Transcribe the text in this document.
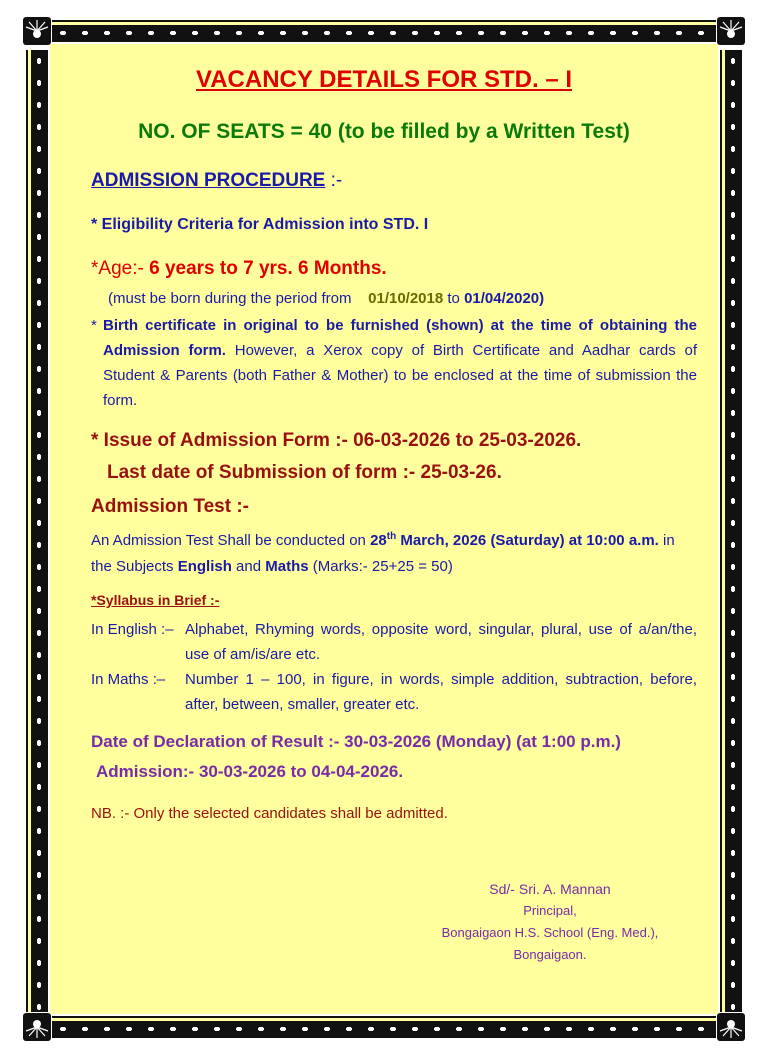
VACANCY DETAILS FOR STD. – I
NO. OF SEATS = 40 (to be filled by a Written Test)
ADMISSION PROCEDURE :-
* Eligibility Criteria for Admission into STD. I
*Age:- 6 years to 7 yrs. 6 Months.
(must be born during the period from 01/10/2018 to 01/04/2020)
* Birth certificate in original to be furnished (shown) at the time of obtaining the Admission form. However, a Xerox copy of Birth Certificate and Aadhar cards of Student & Parents (both Father & Mother) to be enclosed at the time of submission the form.
* Issue of Admission Form :- 06-03-2026 to 25-03-2026.
Last date of Submission of form :- 25-03-26.
Admission Test :-
An Admission Test Shall be conducted on 28th March, 2026 (Saturday) at 10:00 a.m. in the Subjects English and Maths (Marks:- 25+25 = 50)
*Syllabus in Brief :-
In English :– Alphabet, Rhyming words, opposite word, singular, plural, use of a/an/the, use of am/is/are etc.
In Maths :– Number 1 – 100, in figure, in words, simple addition, subtraction, before, after, between, smaller, greater etc.
Date of Declaration of Result :- 30-03-2026 (Monday) (at 1:00 p.m.)
Admission:- 30-03-2026 to 04-04-2026.
NB. :- Only the selected candidates shall be admitted.
Sd/- Sri. A. Mannan
Principal,
Bongaigaon H.S. School (Eng. Med.),
Bongaigaon.
